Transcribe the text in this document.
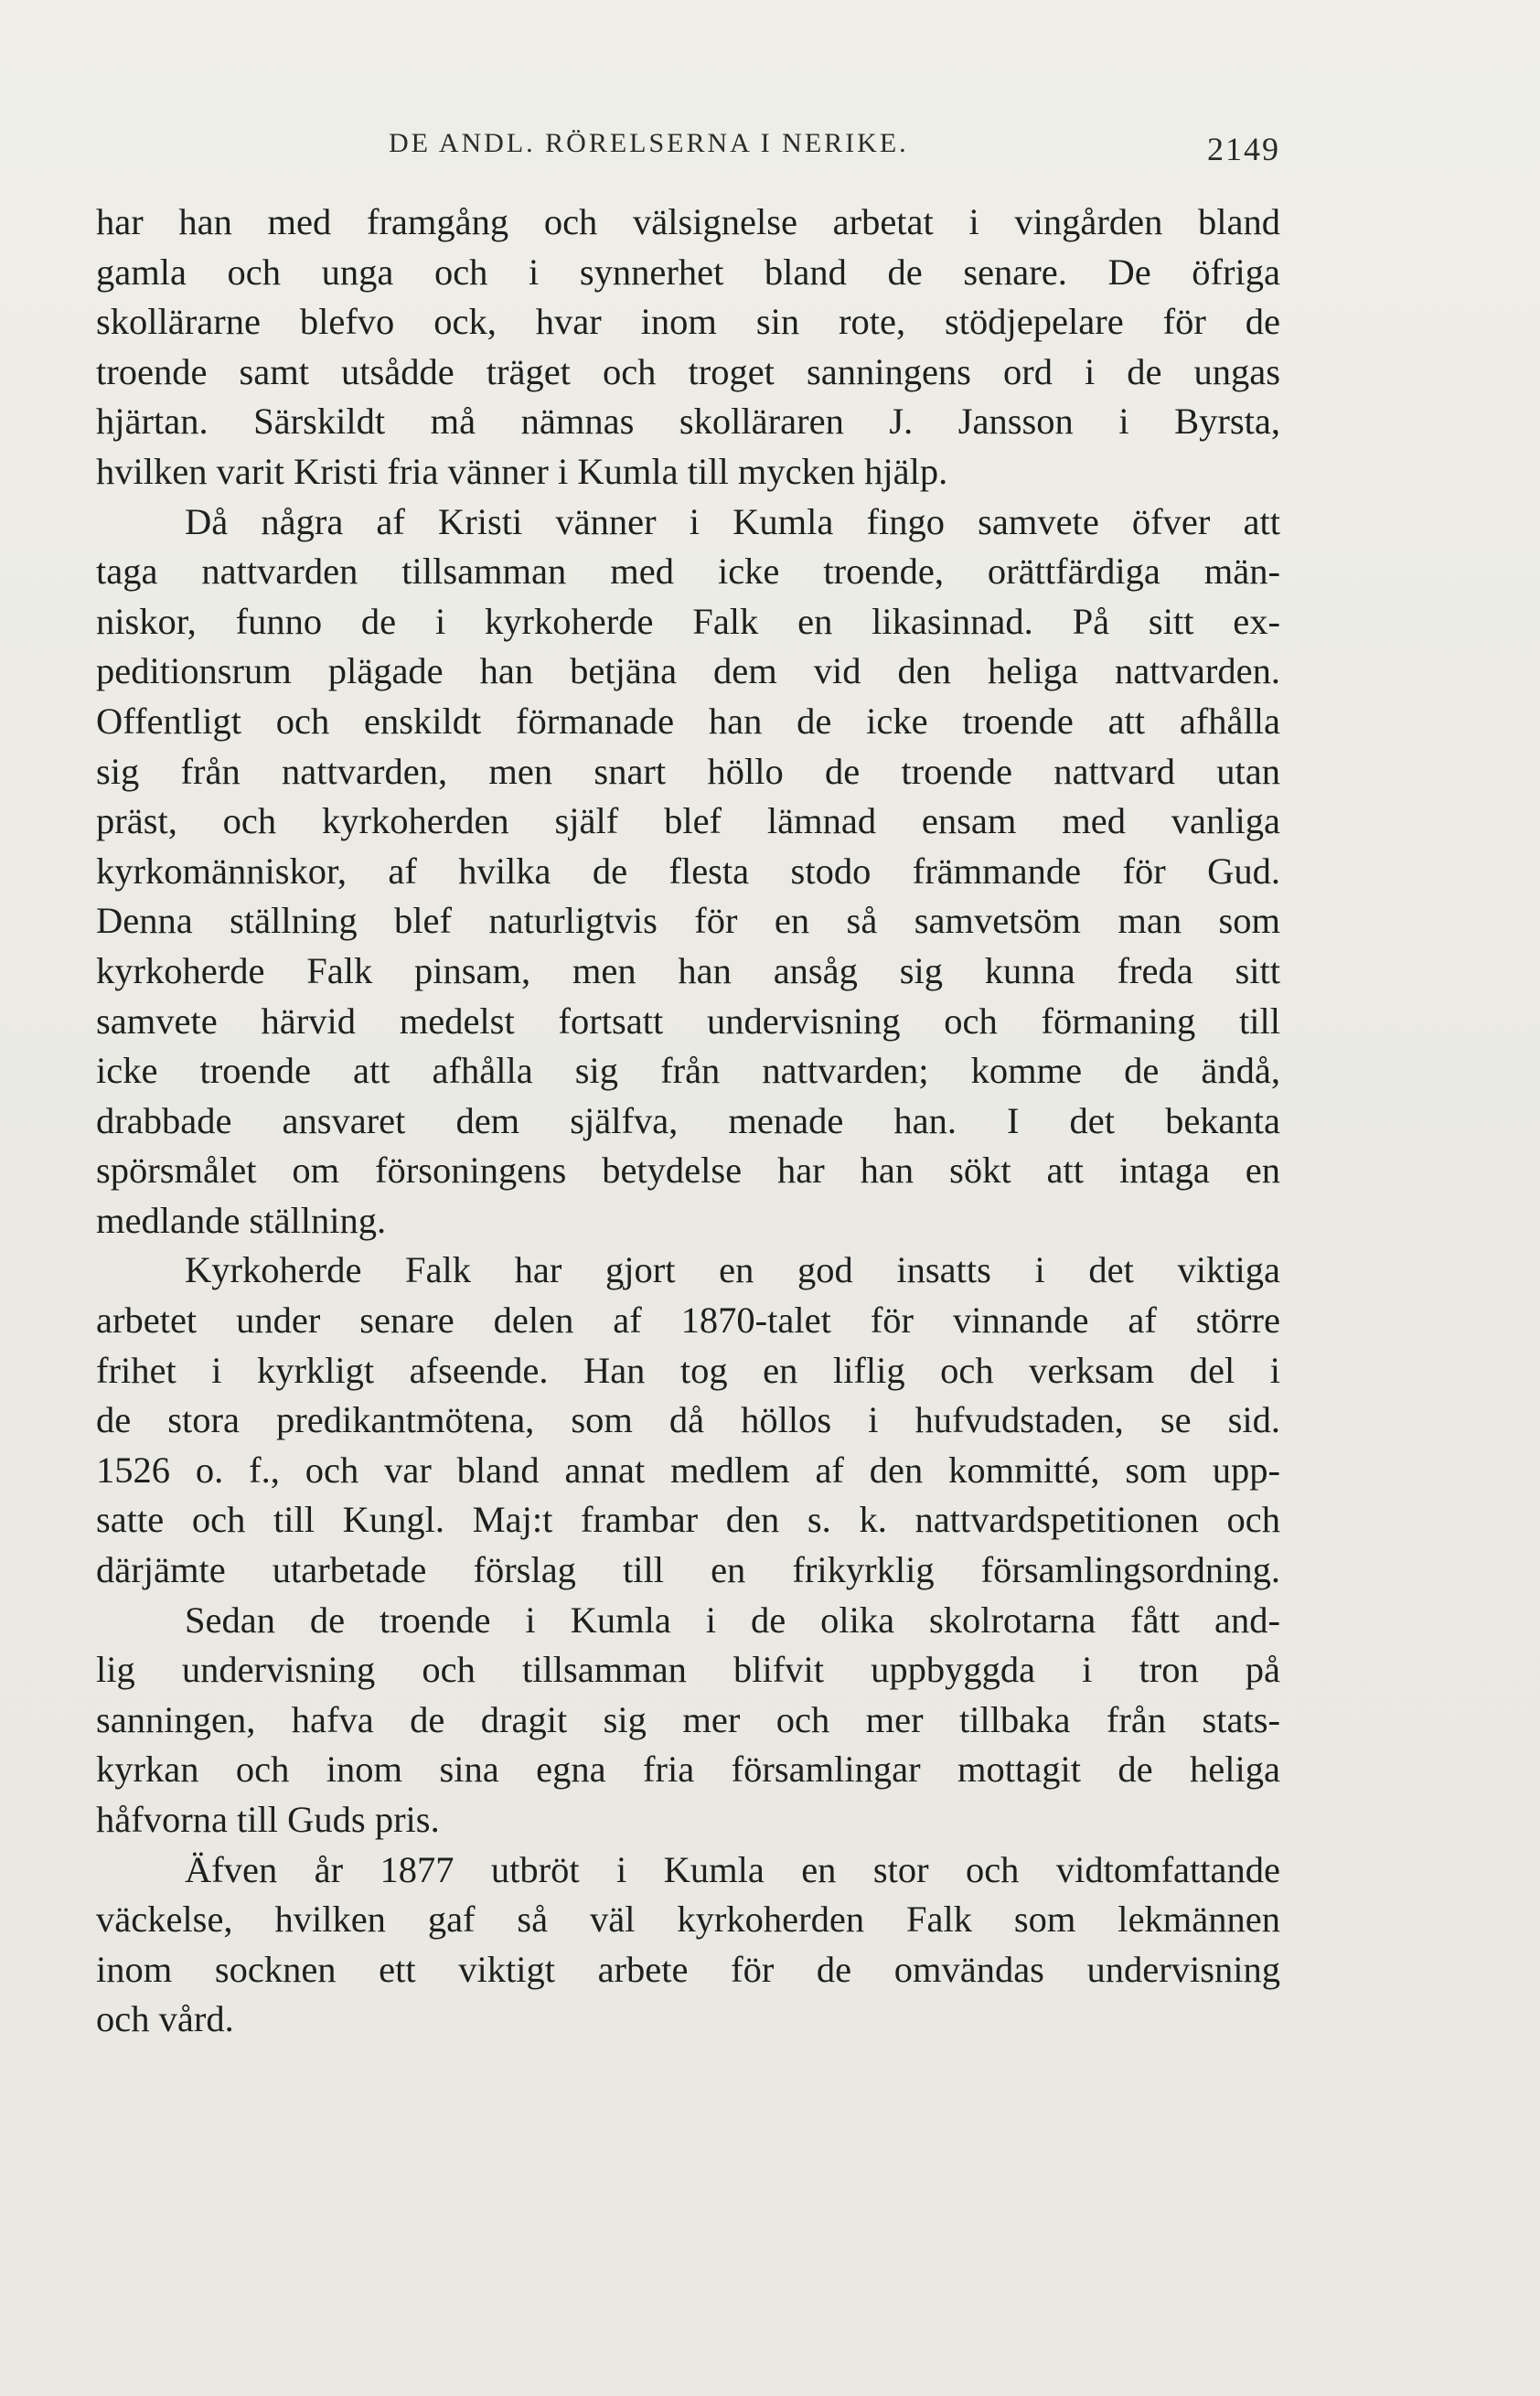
DE ANDL. RÖRELSERNA I NERIKE.	2149
har han med framgång och välsignelse arbetat i vingården bland
gamla och unga och i synnerhet bland de senare. De öfriga
skollärarne blefvo ock, hvar inom sin rote, stödjepelare för de
troende samt utsådde träget och troget sanningens ord i de ungas
hjärtan. Särskildt må nämnas skolläraren J. Jansson i Byrsta,
hvilken varit Kristi fria vänner i Kumla till mycken hjälp.
Då några af Kristi vänner i Kumla fingo samvete öfver att
taga nattvarden tillsamman med icke troende, orättfärdiga män-
niskor, funno de i kyrkoherde Falk en likasinnad. På sitt ex-
peditionsrum plägade han betjäna dem vid den heliga nattvarden.
Offentligt och enskildt förmanade han de icke troende att afhålla
sig från nattvarden, men snart höllo de troende nattvard utan
präst, och kyrkoherden själf blef lämnad ensam med vanliga
kyrkomänniskor, af hvilka de flesta stodo främmande för Gud.
Denna ställning blef naturligtvis för en så samvetsöm man som
kyrkoherde Falk pinsam, men han ansåg sig kunna freda sitt
samvete härvid medelst fortsatt undervisning och förmaning till
icke troende att afhålla sig från nattvarden; komme de ändå,
drabbade ansvaret dem själfva, menade han. I det bekanta
spörsmålet om försoningens betydelse har han sökt att intaga en
medlande ställning.
Kyrkoherde Falk har gjort en god insatts i det viktiga
arbetet under senare delen af 1870-talet för vinnande af större
frihet i kyrkligt afseende. Han tog en liflig och verksam del i
de stora predikantmötena, som då höllos i hufvudstaden, se sid.
1526 o. f., och var bland annat medlem af den kommitté, som upp-
satte och till Kungl. Maj:t frambar den s. k. nattvardspetitionen och
därjämte utarbetade förslag till en frikyrklig församlingsordning.
Sedan de troende i Kumla i de olika skolrotarna fått and-
lig undervisning och tillsamman blifvit uppbyggda i tron på
sanningen, hafva de dragit sig mer och mer tillbaka från stats-
kyrkan och inom sina egna fria församlingar mottagit de heliga
håfvorna till Guds pris.
Äfven år 1877 utbröt i Kumla en stor och vidtomfattande
väckelse, hvilken gaf så väl kyrkoherden Falk som lekmännen
inom socknen ett viktigt arbete för de omvändas undervisning
och vård.
